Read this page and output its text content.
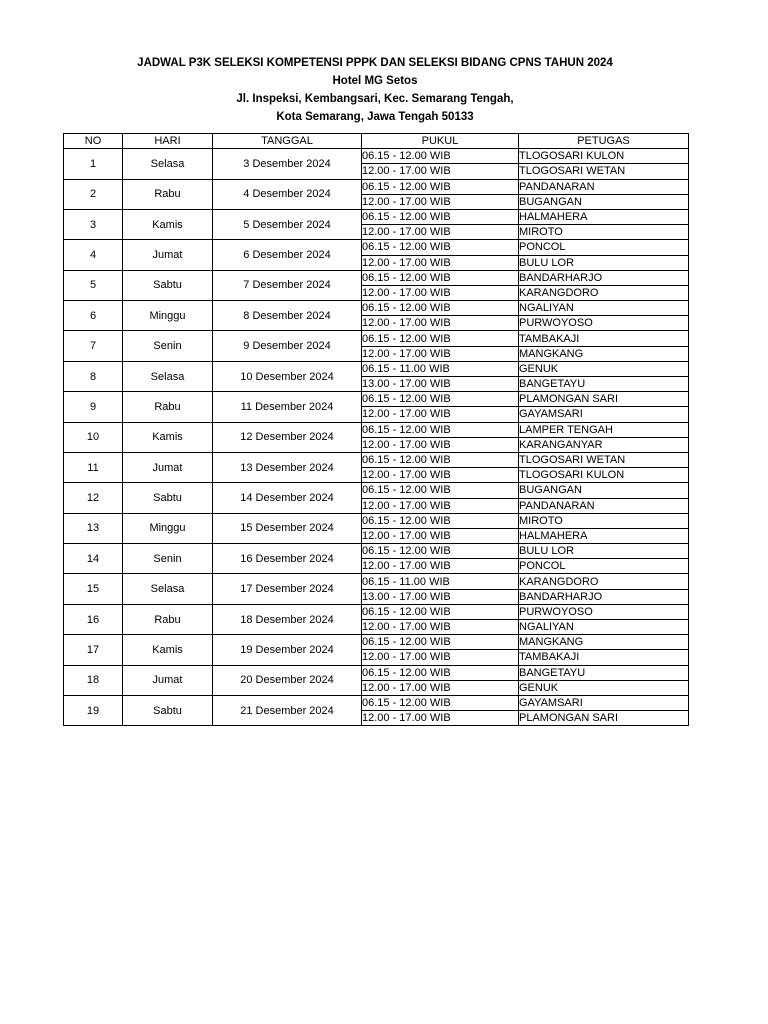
JADWAL P3K SELEKSI KOMPETENSI PPPK DAN SELEKSI BIDANG CPNS TAHUN 2024
Hotel MG Setos
Jl. Inspeksi, Kembangsari, Kec. Semarang Tengah,
Kota Semarang, Jawa Tengah 50133
NO	HARI	TANGGAL	PUKUL	PETUGAS
1	Selasa	3 Desember 2024	06.15 - 12.00 WIB	TLOGOSARI KULON
			12.00 - 17.00 WIB	TLOGOSARI WETAN
2	Rabu	4 Desember 2024	06.15 - 12.00 WIB	PANDANARAN
			12.00 - 17.00 WIB	BUGANGAN
3	Kamis	5 Desember 2024	06.15 - 12.00 WIB	HALMAHERA
			12.00 - 17.00 WIB	MIROTO
4	Jumat	6 Desember 2024	06.15 - 12.00 WIB	PONCOL
			12.00 - 17.00 WIB	BULU LOR
5	Sabtu	7 Desember 2024	06.15 - 12.00 WIB	BANDARHARJO
			12.00 - 17.00 WIB	KARANGDORO
6	Minggu	8 Desember 2024	06.15 - 12.00 WIB	NGALIYAN
			12.00 - 17.00 WIB	PURWOYOSO
7	Senin	9 Desember 2024	06.15 - 12.00 WIB	TAMBAKAJI
			12.00 - 17.00 WIB	MANGKANG
8	Selasa	10 Desember 2024	06.15 - 11.00 WIB	GENUK
			13.00 - 17.00 WIB	BANGETAYU
9	Rabu	11 Desember 2024	06.15 - 12.00 WIB	PLAMONGAN SARI
			12.00 - 17.00 WIB	GAYAMSARI
10	Kamis	12 Desember 2024	06.15 - 12.00 WIB	LAMPER TENGAH
			12.00 - 17.00 WIB	KARANGANYAR
11	Jumat	13 Desember 2024	06.15 - 12.00 WIB	TLOGOSARI WETAN
			12.00 - 17.00 WIB	TLOGOSARI KULON
12	Sabtu	14 Desember 2024	06.15 - 12.00 WIB	BUGANGAN
			12.00 - 17.00 WIB	PANDANARAN
13	Minggu	15 Desember 2024	06.15 - 12.00 WIB	MIROTO
			12.00 - 17.00 WIB	HALMAHERA
14	Senin	16 Desember 2024	06.15 - 12.00 WIB	BULU LOR
			12.00 - 17.00 WIB	PONCOL
15	Selasa	17 Desember 2024	06.15 - 11.00 WIB	KARANGDORO
			13.00 - 17.00 WIB	BANDARHARJO
16	Rabu	18 Desember 2024	06.15 - 12.00 WIB	PURWOYOSO
			12.00 - 17.00 WIB	NGALIYAN
17	Kamis	19 Desember 2024	06.15 - 12.00 WIB	MANGKANG
			12.00 - 17.00 WIB	TAMBAKAJI
18	Jumat	20 Desember 2024	06.15 - 12.00 WIB	BANGETAYU
			12.00 - 17.00 WIB	GENUK
19	Sabtu	21 Desember 2024	06.15 - 12.00 WIB	GAYAMSARI
			12.00 - 17.00 WIB	PLAMONGAN SARI
